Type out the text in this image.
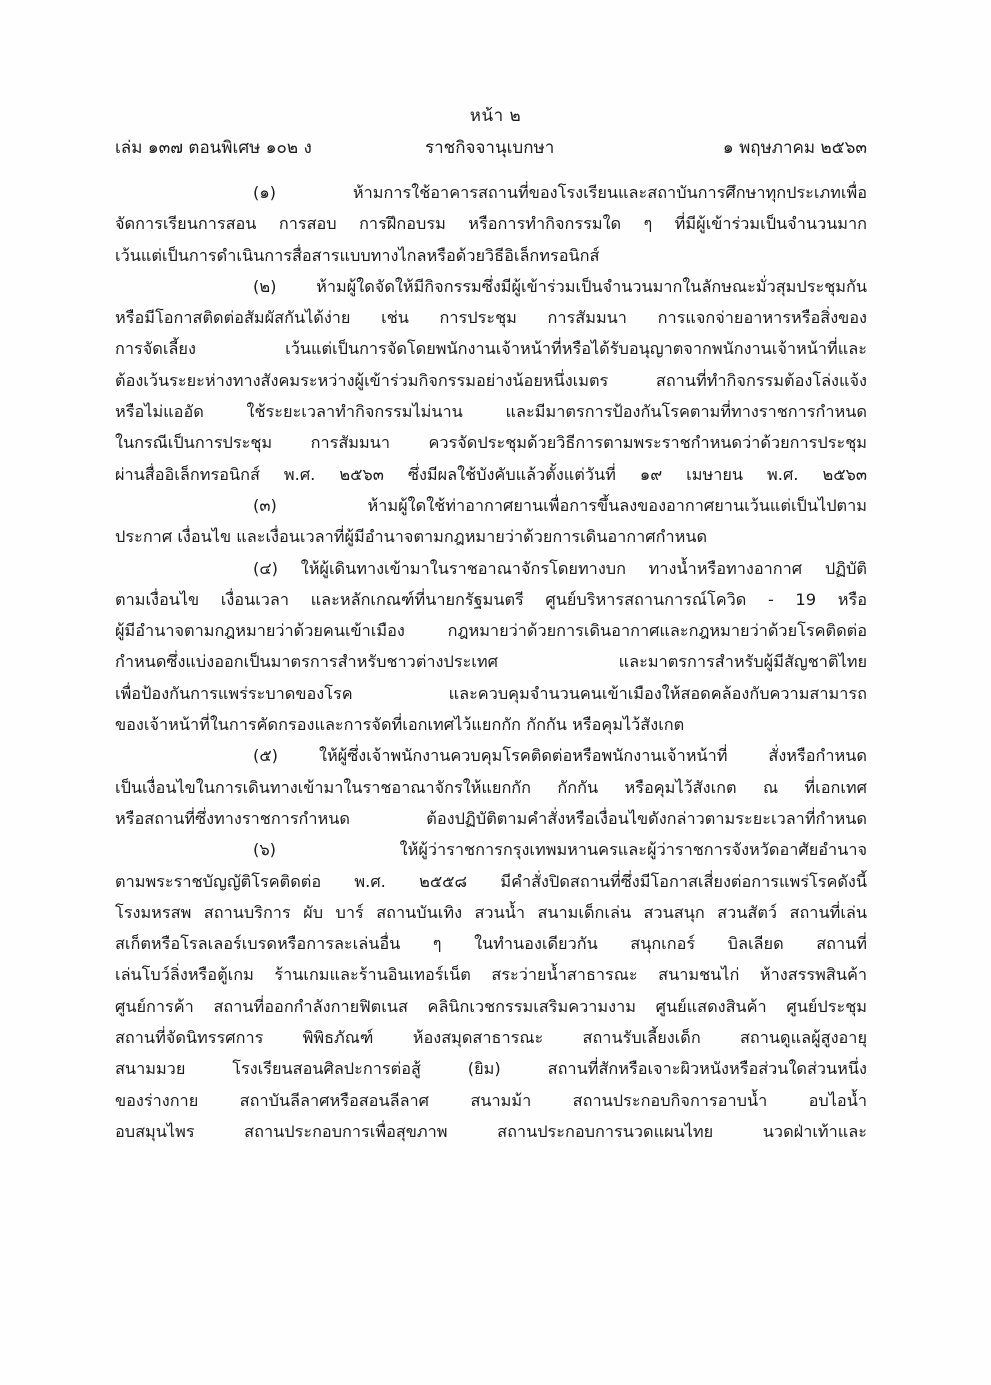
หน้า ๒
เล่ม ๑๓๗ ตอนพิเศษ ๑๐๒ ง	ราชกิจจานุเบกษา	๑ พฤษภาคม ๒๕๖๓
(๑) ห้ามการใช้อาคารสถานที่ของโรงเรียนและสถาบันการศึกษาทุกประเภทเพื่อ
จัดการเรียนการสอน การสอบ การฝึกอบรม หรือการทำกิจกรรมใด ๆ ที่มีผู้เข้าร่วมเป็นจำนวนมาก
เว้นแต่เป็นการดำเนินการสื่อสารแบบทางไกลหรือด้วยวิธีอิเล็กทรอนิกส์
(๒) ห้ามผู้ใดจัดให้มีกิจกรรมซึ่งมีผู้เข้าร่วมเป็นจำนวนมากในลักษณะมั่วสุมประชุมกัน
หรือมีโอกาสติดต่อสัมผัสกันได้ง่าย เช่น การประชุม การสัมมนา การแจกจ่ายอาหารหรือสิ่งของ
การจัดเลี้ยง เว้นแต่เป็นการจัดโดยพนักงานเจ้าหน้าที่หรือได้รับอนุญาตจากพนักงานเจ้าหน้าที่และ
ต้องเว้นระยะห่างทางสังคมระหว่างผู้เข้าร่วมกิจกรรมอย่างน้อยหนึ่งเมตร สถานที่ทำกิจกรรมต้องโล่งแจ้ง
หรือไม่แออัด ใช้ระยะเวลาทำกิจกรรมไม่นาน และมีมาตรการป้องกันโรคตามที่ทางราชการกำหนด
ในกรณีเป็นการประชุม การสัมมนา ควรจัดประชุมด้วยวิธีการตามพระราชกำหนดว่าด้วยการประชุม
ผ่านสื่ออิเล็กทรอนิกส์ พ.ศ. ๒๕๖๓ ซึ่งมีผลใช้บังคับแล้วตั้งแต่วันที่ ๑๙ เมษายน พ.ศ. ๒๕๖๓
(๓) ห้ามผู้ใดใช้ท่าอากาศยานเพื่อการขึ้นลงของอากาศยานเว้นแต่เป็นไปตาม
ประกาศ เงื่อนไข และเงื่อนเวลาที่ผู้มีอำนาจตามกฎหมายว่าด้วยการเดินอากาศกำหนด
(๔) ให้ผู้เดินทางเข้ามาในราชอาณาจักรโดยทางบก ทางน้ำหรือทางอากาศ ปฏิบัติ
ตามเงื่อนไข เงื่อนเวลา และหลักเกณฑ์ที่นายกรัฐมนตรี ศูนย์บริหารสถานการณ์โควิด - 19 หรือ
ผู้มีอำนาจตามกฎหมายว่าด้วยคนเข้าเมือง กฎหมายว่าด้วยการเดินอากาศและกฎหมายว่าด้วยโรคติดต่อ
กำหนดซึ่งแบ่งออกเป็นมาตรการสำหรับชาวต่างประเทศ และมาตรการสำหรับผู้มีสัญชาติไทย
เพื่อป้องกันการแพร่ระบาดของโรค และควบคุมจำนวนคนเข้าเมืองให้สอดคล้องกับความสามารถ
ของเจ้าหน้าที่ในการคัดกรองและการจัดที่เอกเทศไว้แยกกัก กักกัน หรือคุมไว้สังเกต
(๕) ให้ผู้ซึ่งเจ้าพนักงานควบคุมโรคติดต่อหรือพนักงานเจ้าหน้าที่ สั่งหรือกำหนด
เป็นเงื่อนไขในการเดินทางเข้ามาในราชอาณาจักรให้แยกกัก กักกัน หรือคุมไว้สังเกต ณ ที่เอกเทศ
หรือสถานที่ซึ่งทางราชการกำหนด ต้องปฏิบัติตามคำสั่งหรือเงื่อนไขดังกล่าวตามระยะเวลาที่กำหนด
(๖) ให้ผู้ว่าราชการกรุงเทพมหานครและผู้ว่าราชการจังหวัดอาศัยอำนาจ
ตามพระราชบัญญัติโรคติดต่อ พ.ศ. ๒๕๕๘ มีคำสั่งปิดสถานที่ซึ่งมีโอกาสเสี่ยงต่อการแพร่โรคดังนี้
โรงมหรสพ สถานบริการ ผับ บาร์ สถานบันเทิง สวนน้ำ สนามเด็กเล่น สวนสนุก สวนสัตว์ สถานที่เล่น
สเก็ตหรือโรลเลอร์เบรดหรือการละเล่นอื่น ๆ ในทำนองเดียวกัน สนุกเกอร์ บิลเลียด สถานที่
เล่นโบว์ลิ่งหรือตู้เกม ร้านเกมและร้านอินเทอร์เน็ต สระว่ายน้ำสาธารณะ สนามชนไก่ ห้างสรรพสินค้า
ศูนย์การค้า สถานที่ออกกำลังกายฟิตเนส คลินิกเวชกรรมเสริมความงาม ศูนย์แสดงสินค้า ศูนย์ประชุม
สถานที่จัดนิทรรศการ พิพิธภัณฑ์ ห้องสมุดสาธารณะ สถานรับเลี้ยงเด็ก สถานดูแลผู้สูงอายุ
สนามมวย โรงเรียนสอนศิลปะการต่อสู้ (ยิม) สถานที่สักหรือเจาะผิวหนังหรือส่วนใดส่วนหนึ่ง
ของร่างกาย สถาบันลีลาศหรือสอนลีลาศ สนามม้า สถานประกอบกิจการอาบน้ำ อบไอน้ำ
อบสมุนไพร สถานประกอบการเพื่อสุขภาพ สถานประกอบการนวดแผนไทย นวดฝ่าเท้าและ
